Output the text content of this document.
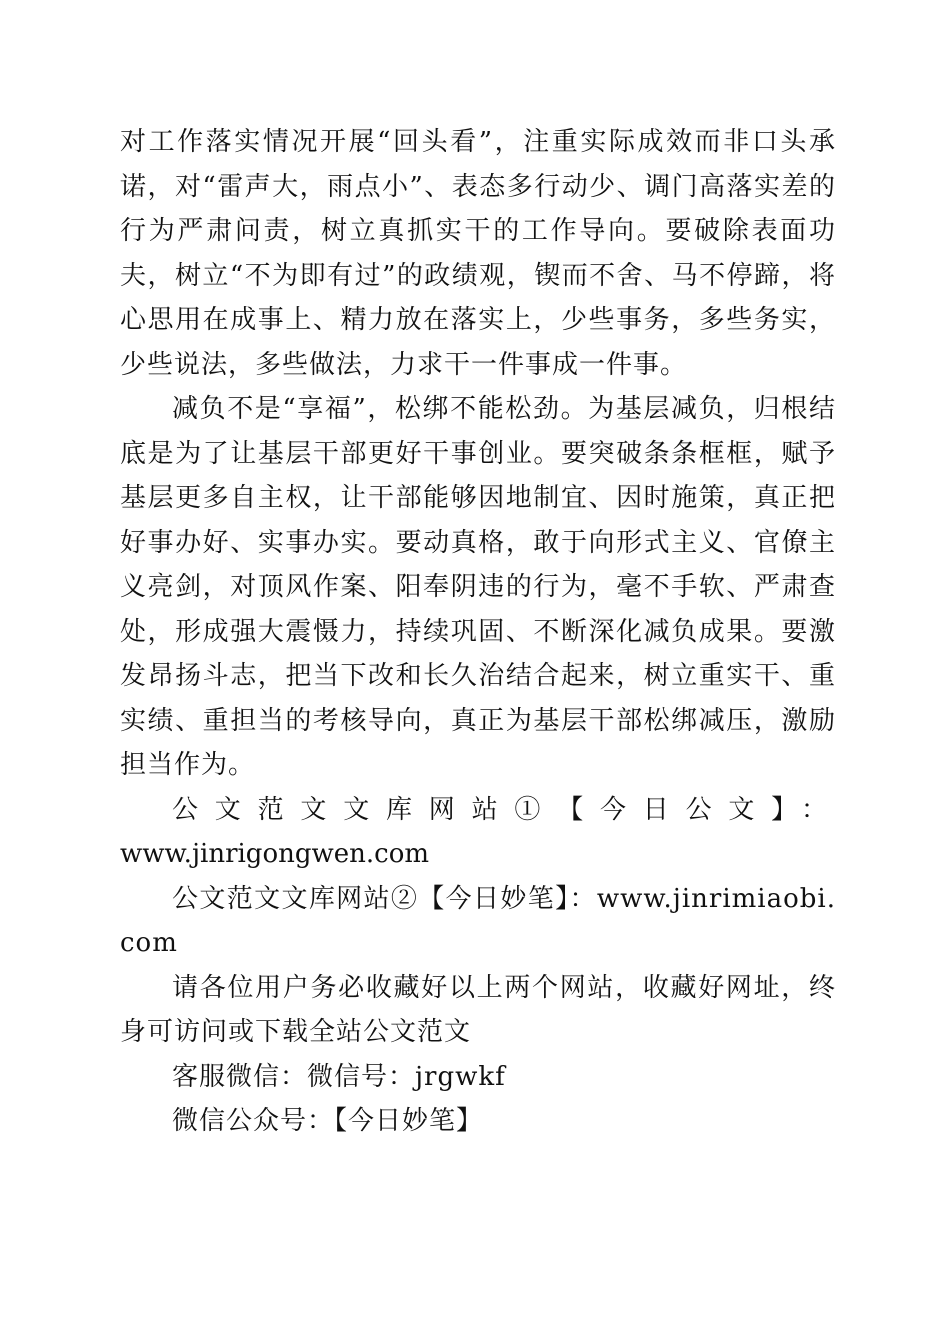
对工作落实情况开展“回头看”，注重实际成效而非口头承诺，对“雷声大，雨点小”、表态多行动少、调门高落实差的行为严肃问责，树立真抓实干的工作导向。要破除表面功夫，树立“不为即有过”的政绩观，锲而不舍、马不停蹄，将心思用在成事上、精力放在落实上，少些事务，多些务实，少些说法，多些做法，力求干一件事成一件事。

减负不是“享福”，松绑不能松劲。为基层减负，归根结底是为了让基层干部更好干事创业。要突破条条框框，赋予基层更多自主权，让干部能够因地制宜、因时施策，真正把好事办好、实事办实。要动真格，敢于向形式主义、官僚主义亮剑，对顶风作案、阳奉阴违的行为，毫不手软、严肃查处，形成强大震慑力，持续巩固、不断深化减负成果。要激发昂扬斗志，把当下改和长久治结合起来，树立重实干、重实绩、重担当的考核导向，真正为基层干部松绑减压，激励担当作为。

公文范文文库网站①【今日公文】：

www.jinrigongwen.com

公文范文文库网站②【今日妙笔】：www.jinrimiaobi.com

请各位用户务必收藏好以上两个网站，收藏好网址，终身可访问或下载全站公文范文

客服微信：微信号：jrgwkf

微信公众号：【今日妙笔】
